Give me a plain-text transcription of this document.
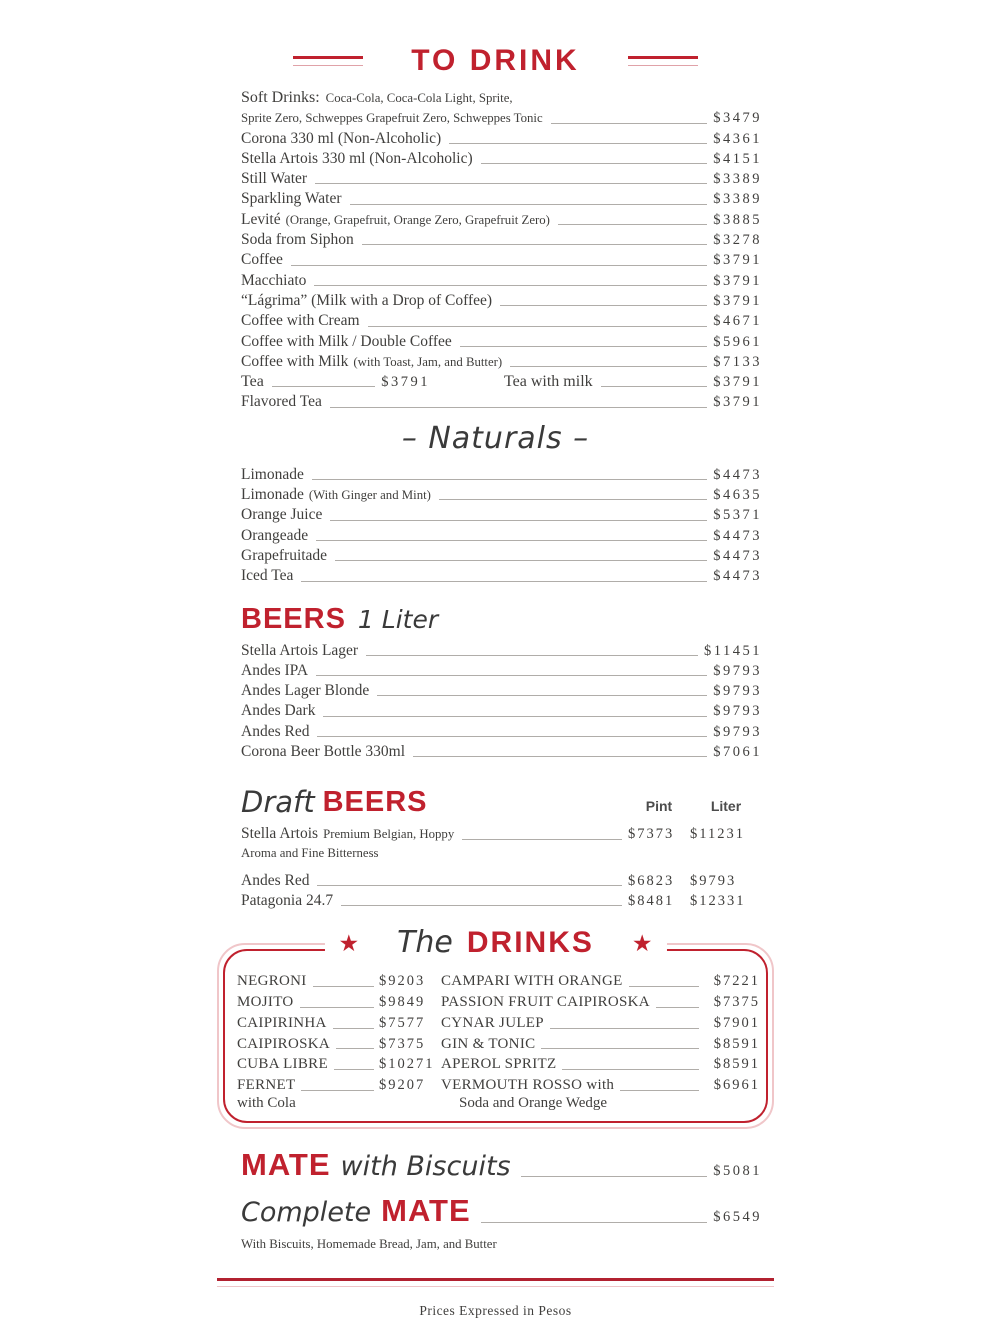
TO DRINK
Soft Drinks: Coca-Cola, Coca-Cola Light, Sprite,
Sprite Zero, Schweppes Grapefruit Zero, Schweppes Tonic	$3479
Corona 330 ml (Non-Alcoholic)	$4361
Stella Artois 330 ml (Non-Alcoholic)	$4151
Still Water	$3389
Sparkling Water	$3389
Levité (Orange, Grapefruit, Orange Zero, Grapefruit Zero)	$3885
Soda from Siphon	$3278
Coffee	$3791
Macchiato	$3791
“Lágrima” (Milk with a Drop of Coffee)	$3791
Coffee with Cream	$4671
Coffee with Milk / Double Coffee	$5961
Coffee with Milk (with Toast, Jam, and Butter)	$7133
Tea	$3791	Tea with milk	$3791
Flavored Tea	$3791
– Naturals –
Limonade	$4473
Limonade (With Ginger and Mint)	$4635
Orange Juice	$5371
Orangeade	$4473
Grapefruitade	$4473
Iced Tea	$4473
BEERS 1 Liter
Stella Artois Lager	$11451
Andes IPA	$9793
Andes Lager Blonde	$9793
Andes Dark	$9793
Andes Red	$9793
Corona Beer Bottle 330ml	$7061
Draft BEERS	Pint	Liter
Stella Artois Premium Belgian, Hoppy	$7373	$11231
Aroma and Fine Bitterness
Andes Red	$6823	$9793
Patagonia 24.7	$8481	$12331
★ The DRINKS ★
NEGRONI	$9203
MOJITO	$9849
CAIPIRINHA	$7577
CAIPIROSKA	$7375
CUBA LIBRE	$10271
FERNET	$9207
with Cola
CAMPARI WITH ORANGE	$7221
PASSION FRUIT CAIPIROSKA	$7375
CYNAR JULEP	$7901
GIN & TONIC	$8591
APEROL SPRITZ	$8591
VERMOUTH ROSSO with	$6961
Soda and Orange Wedge
MATE with Biscuits	$5081
Complete MATE	$6549
With Biscuits, Homemade Bread, Jam, and Butter
Prices Expressed in Pesos
